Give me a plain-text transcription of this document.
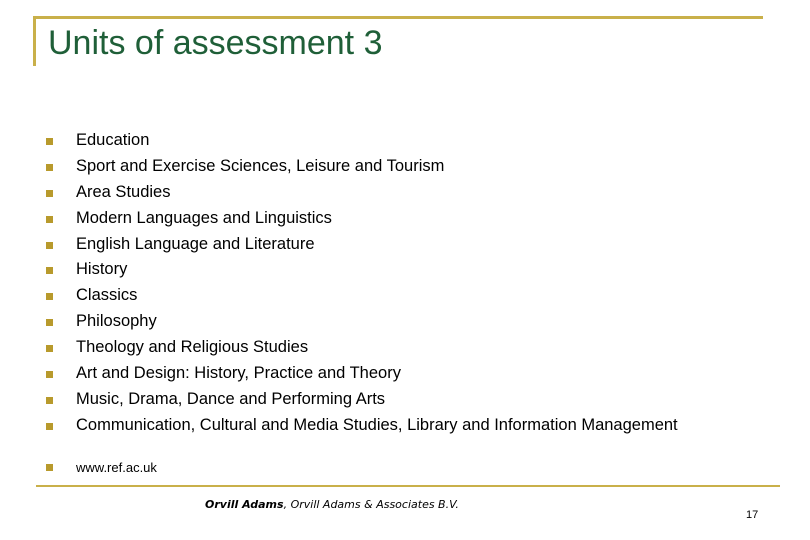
Units of assessment 3
Education
Sport and Exercise Sciences, Leisure and Tourism
Area Studies
Modern Languages and Linguistics
English Language and Literature
History
Classics
Philosophy
Theology and Religious Studies
Art and Design: History, Practice and Theory
Music, Drama, Dance and Performing Arts
Communication, Cultural and Media Studies, Library and Information Management
www.ref.ac.uk
Orvill Adams, Orvill Adams & Associates B.V.
17
